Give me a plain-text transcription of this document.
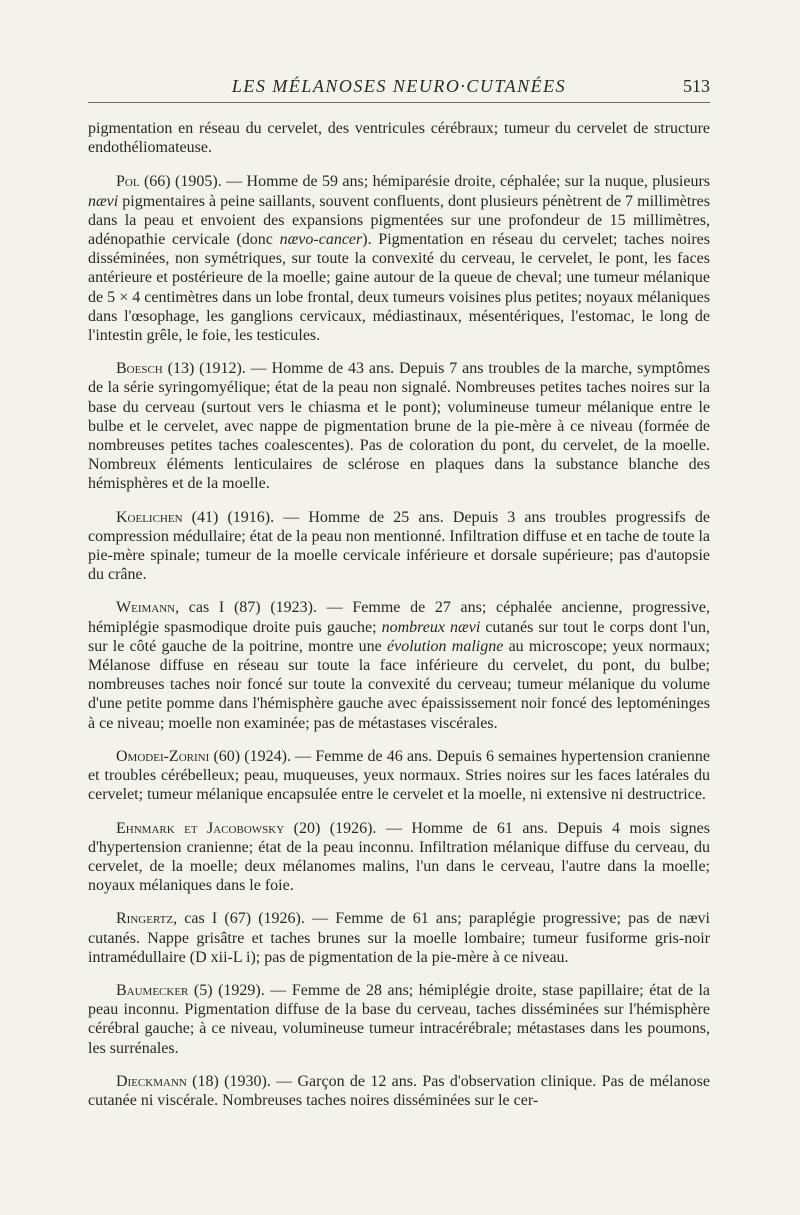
LES MÉLANOSES NEURO·CUTANÉES	513

pigmentation en réseau du cervelet, des ventricules cérébraux; tumeur du cervelet de structure endothéliomateuse.

Pol (66) (1905). — Homme de 59 ans; hémiparésie droite, céphalée; sur la nuque, plusieurs nævi pigmentaires à peine saillants, souvent confluents, dont plusieurs pénètrent de 7 millimètres dans la peau et envoient des expansions pigmentées sur une profondeur de 15 millimètres, adénopathie cervicale (donc nævo-cancer). Pigmentation en réseau du cervelet; taches noires disséminées, non symétriques, sur toute la convexité du cerveau, le cervelet, le pont, les faces antérieure et postérieure de la moelle; gaine autour de la queue de cheval; une tumeur mélanique de 5 × 4 centimètres dans un lobe frontal, deux tumeurs voisines plus petites; noyaux mélaniques dans l'œsophage, les ganglions cervicaux, médiastinaux, mésentériques, l'estomac, le long de l'intestin grêle, le foie, les testicules.

Boesch (13) (1912). — Homme de 43 ans. Depuis 7 ans troubles de la marche, symptômes de la série syringomyélique; état de la peau non signalé. Nombreuses petites taches noires sur la base du cerveau (surtout vers le chiasma et le pont); volumineuse tumeur mélanique entre le bulbe et le cervelet, avec nappe de pigmentation brune de la pie-mère à ce niveau (formée de nombreuses petites taches coalescentes). Pas de coloration du pont, du cervelet, de la moelle. Nombreux éléments lenticulaires de sclérose en plaques dans la substance blanche des hémisphères et de la moelle.

Koelichen (41) (1916). — Homme de 25 ans. Depuis 3 ans troubles progressifs de compression médullaire; état de la peau non mentionné. Infiltration diffuse et en tache de toute la pie-mère spinale; tumeur de la moelle cervicale inférieure et dorsale supérieure; pas d'autopsie du crâne.

Weimann, cas I (87) (1923). — Femme de 27 ans; céphalée ancienne, progressive, hémiplégie spasmodique droite puis gauche; nombreux nævi cutanés sur tout le corps dont l'un, sur le côté gauche de la poitrine, montre une évolution maligne au microscope; yeux normaux; Mélanose diffuse en réseau sur toute la face inférieure du cervelet, du pont, du bulbe; nombreuses taches noir foncé sur toute la convexité du cerveau; tumeur mélanique du volume d'une petite pomme dans l'hémisphère gauche avec épaississement noir foncé des leptoméninges à ce niveau; moelle non examinée; pas de métastases viscérales.

Omodei-Zorini (60) (1924). — Femme de 46 ans. Depuis 6 semaines hypertension cranienne et troubles cérébelleux; peau, muqueuses, yeux normaux. Stries noires sur les faces latérales du cervelet; tumeur mélanique encapsulée entre le cervelet et la moelle, ni extensive ni destructrice.

Ehnmark et Jacobowsky (20) (1926). — Homme de 61 ans. Depuis 4 mois signes d'hypertension cranienne; état de la peau inconnu. Infiltration mélanique diffuse du cerveau, du cervelet, de la moelle; deux mélanomes malins, l'un dans le cerveau, l'autre dans la moelle; noyaux mélaniques dans le foie.

Ringertz, cas I (67) (1926). — Femme de 61 ans; paraplégie progressive; pas de nævi cutanés. Nappe grisâtre et taches brunes sur la moelle lombaire; tumeur fusiforme gris-noir intramédullaire (D xii-L i); pas de pigmentation de la pie-mère à ce niveau.

Baumecker (5) (1929). — Femme de 28 ans; hémiplégie droite, stase papillaire; état de la peau inconnu. Pigmentation diffuse de la base du cerveau, taches disséminées sur l'hémisphère cérébral gauche; à ce niveau, volumineuse tumeur intracérébrale; métastases dans les poumons, les surrénales.

Dieckmann (18) (1930). — Garçon de 12 ans. Pas d'observation clinique. Pas de mélanose cutanée ni viscérale. Nombreuses taches noires disséminées sur le cer-
